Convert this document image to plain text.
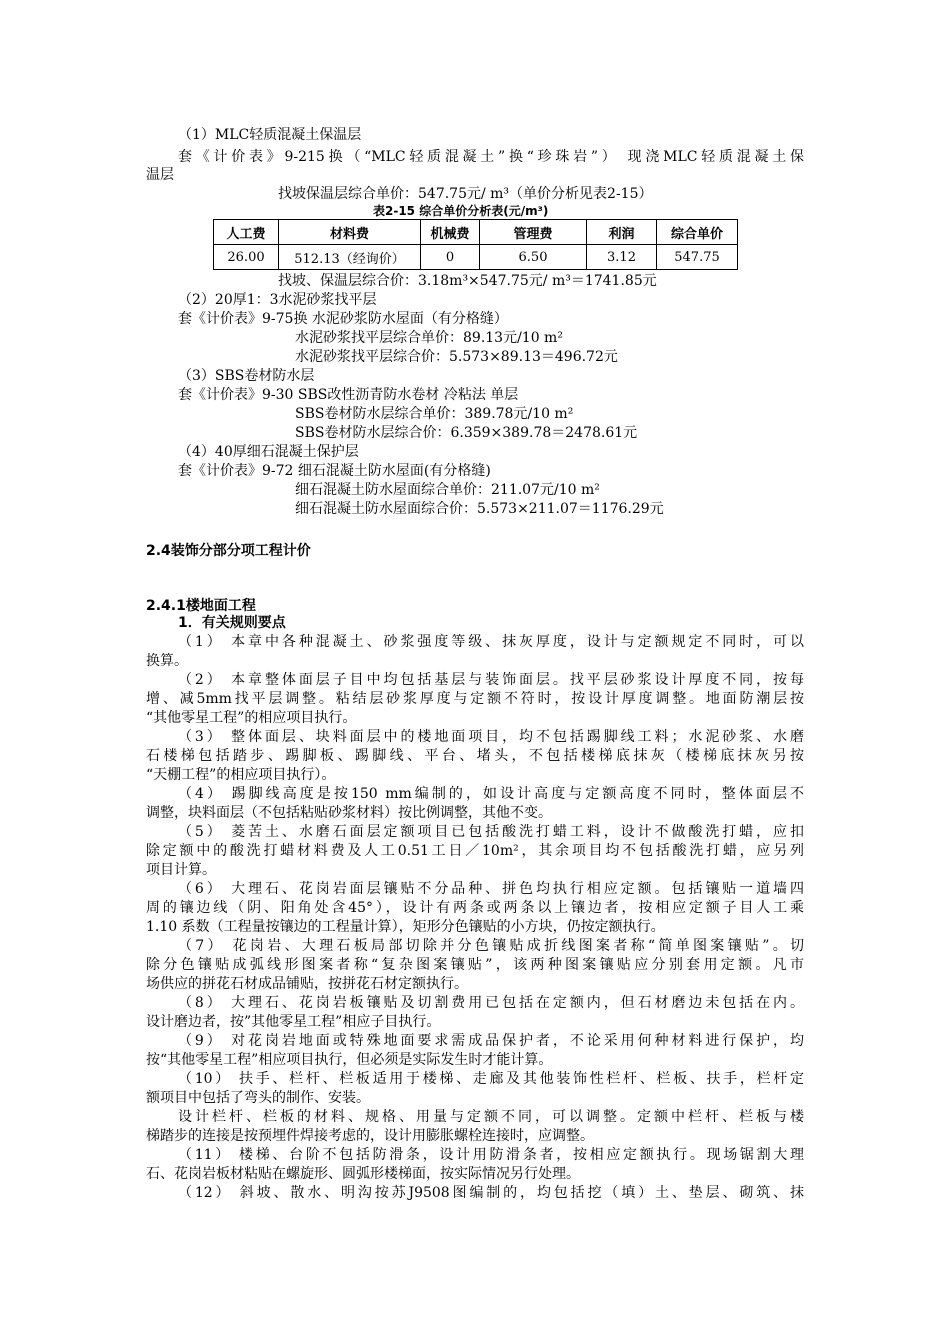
（1）MLC轻质混凝土保温层
套《计价表》9-215换（“MLC轻质混凝土”换“珍珠岩”） 现浇MLC轻质混凝土保
温层
找坡保温层综合单价：547.75元/ m³（单价分析见表2-15）
表2-15 综合单价分析表(元/m³)
人工费	材料费	机械费	管理费	利润	综合单价
26.00	512.13（经询价）	0	6.50	3.12	547.75
找坡、保温层综合价：3.18m³×547.75元/ m³＝1741.85元
（2）20厚1：3水泥砂浆找平层
套《计价表》9-75换 水泥砂浆防水屋面（有分格缝）
水泥砂浆找平层综合单价：89.13元/10 m²
水泥砂浆找平层综合价：5.573×89.13＝496.72元
（3）SBS卷材防水层
套《计价表》9-30 SBS改性沥青防水卷材 冷粘法 单层
SBS卷材防水层综合单价：389.78元/10 m²
SBS卷材防水层综合价：6.359×389.78＝2478.61元
（4）40厚细石混凝土保护层
套《计价表》9-72 细石混凝土防水屋面(有分格缝)
细石混凝土防水屋面综合单价：211.07元/10 m²
细石混凝土防水屋面综合价：5.573×211.07＝1176.29元
2.4装饰分部分项工程计价
2.4.1楼地面工程
1．有关规则要点
（1） 本章中各种混凝土、砂浆强度等级、抹灰厚度，设计与定额规定不同时，可以
换算。
（2） 本章整体面层子目中均包括基层与装饰面层。找平层砂浆设计厚度不同，按每
增、减5mm找平层调整。粘结层砂浆厚度与定额不符时，按设计厚度调整。地面防潮层按
“其他零星工程”的相应项目执行。
（3） 整体面层、块料面层中的楼地面项目，均不包括踢脚线工料；水泥砂浆、水磨
石楼梯包括踏步、踢脚板、踢脚线、平台、堵头，不包括楼梯底抹灰（楼梯底抹灰另按
“天棚工程”的相应项目执行）。
（4） 踢脚线高度是按150 mm编制的，如设计高度与定额高度不同时，整体面层不
调整，块料面层（不包括粘贴砂浆材料）按比例调整，其他不变。
（5） 菱苦土、水磨石面层定额项目已包括酸洗打蜡工料，设计不做酸洗打蜡，应扣
除定额中的酸洗打蜡材料费及人工0.51工日／10m²，其余项目均不包括酸洗打蜡，应另列
项目计算。
（6） 大理石、花岗岩面层镶贴不分品种、拼色均执行相应定额。包括镶贴一道墙四
周的镶边线（阴、阳角处含45°），设计有两条或两条以上镶边者，按相应定额子目人工乘
1.10 系数（工程量按镶边的工程量计算），矩形分色镶贴的小方块，仍按定额执行。
（7） 花岗岩、大理石板局部切除并分色镶贴成折线图案者称“简单图案镶贴”。切
除分色镶贴成弧线形图案者称“复杂图案镶贴”，该两种图案镶贴应分别套用定额。凡市
场供应的拼花石材成品铺贴，按拼花石材定额执行。
（8） 大理石、花岗岩板镶贴及切割费用已包括在定额内，但石材磨边未包括在内。
设计磨边者，按”其他零星工程”相应子目执行。
（9） 对花岗岩地面或特殊地面要求需成品保护者，不论采用何种材料进行保护，均
按“其他零星工程”相应项目执行，但必须是实际发生时才能计算。
（10） 扶手、栏杆、栏板适用于楼梯、走廊及其他装饰性栏杆、栏板、扶手，栏杆定
额项目中包括了弯头的制作、安装。
设计栏杆、栏板的材料、规格、用量与定额不同，可以调整。定额中栏杆、栏板与楼
梯踏步的连接是按预埋件焊接考虑的，设计用膨胀螺栓连接时，应调整。
（11） 楼梯、台阶不包括防滑条，设计用防滑条者，按相应定额执行。现场锯割大理
石、花岗岩板材粘贴在螺旋形、圆弧形楼梯面，按实际情况另行处理。
（12） 斜坡、散水、明沟按苏J9508图编制的，均包括挖（填）土、垫层、砌筑、抹
